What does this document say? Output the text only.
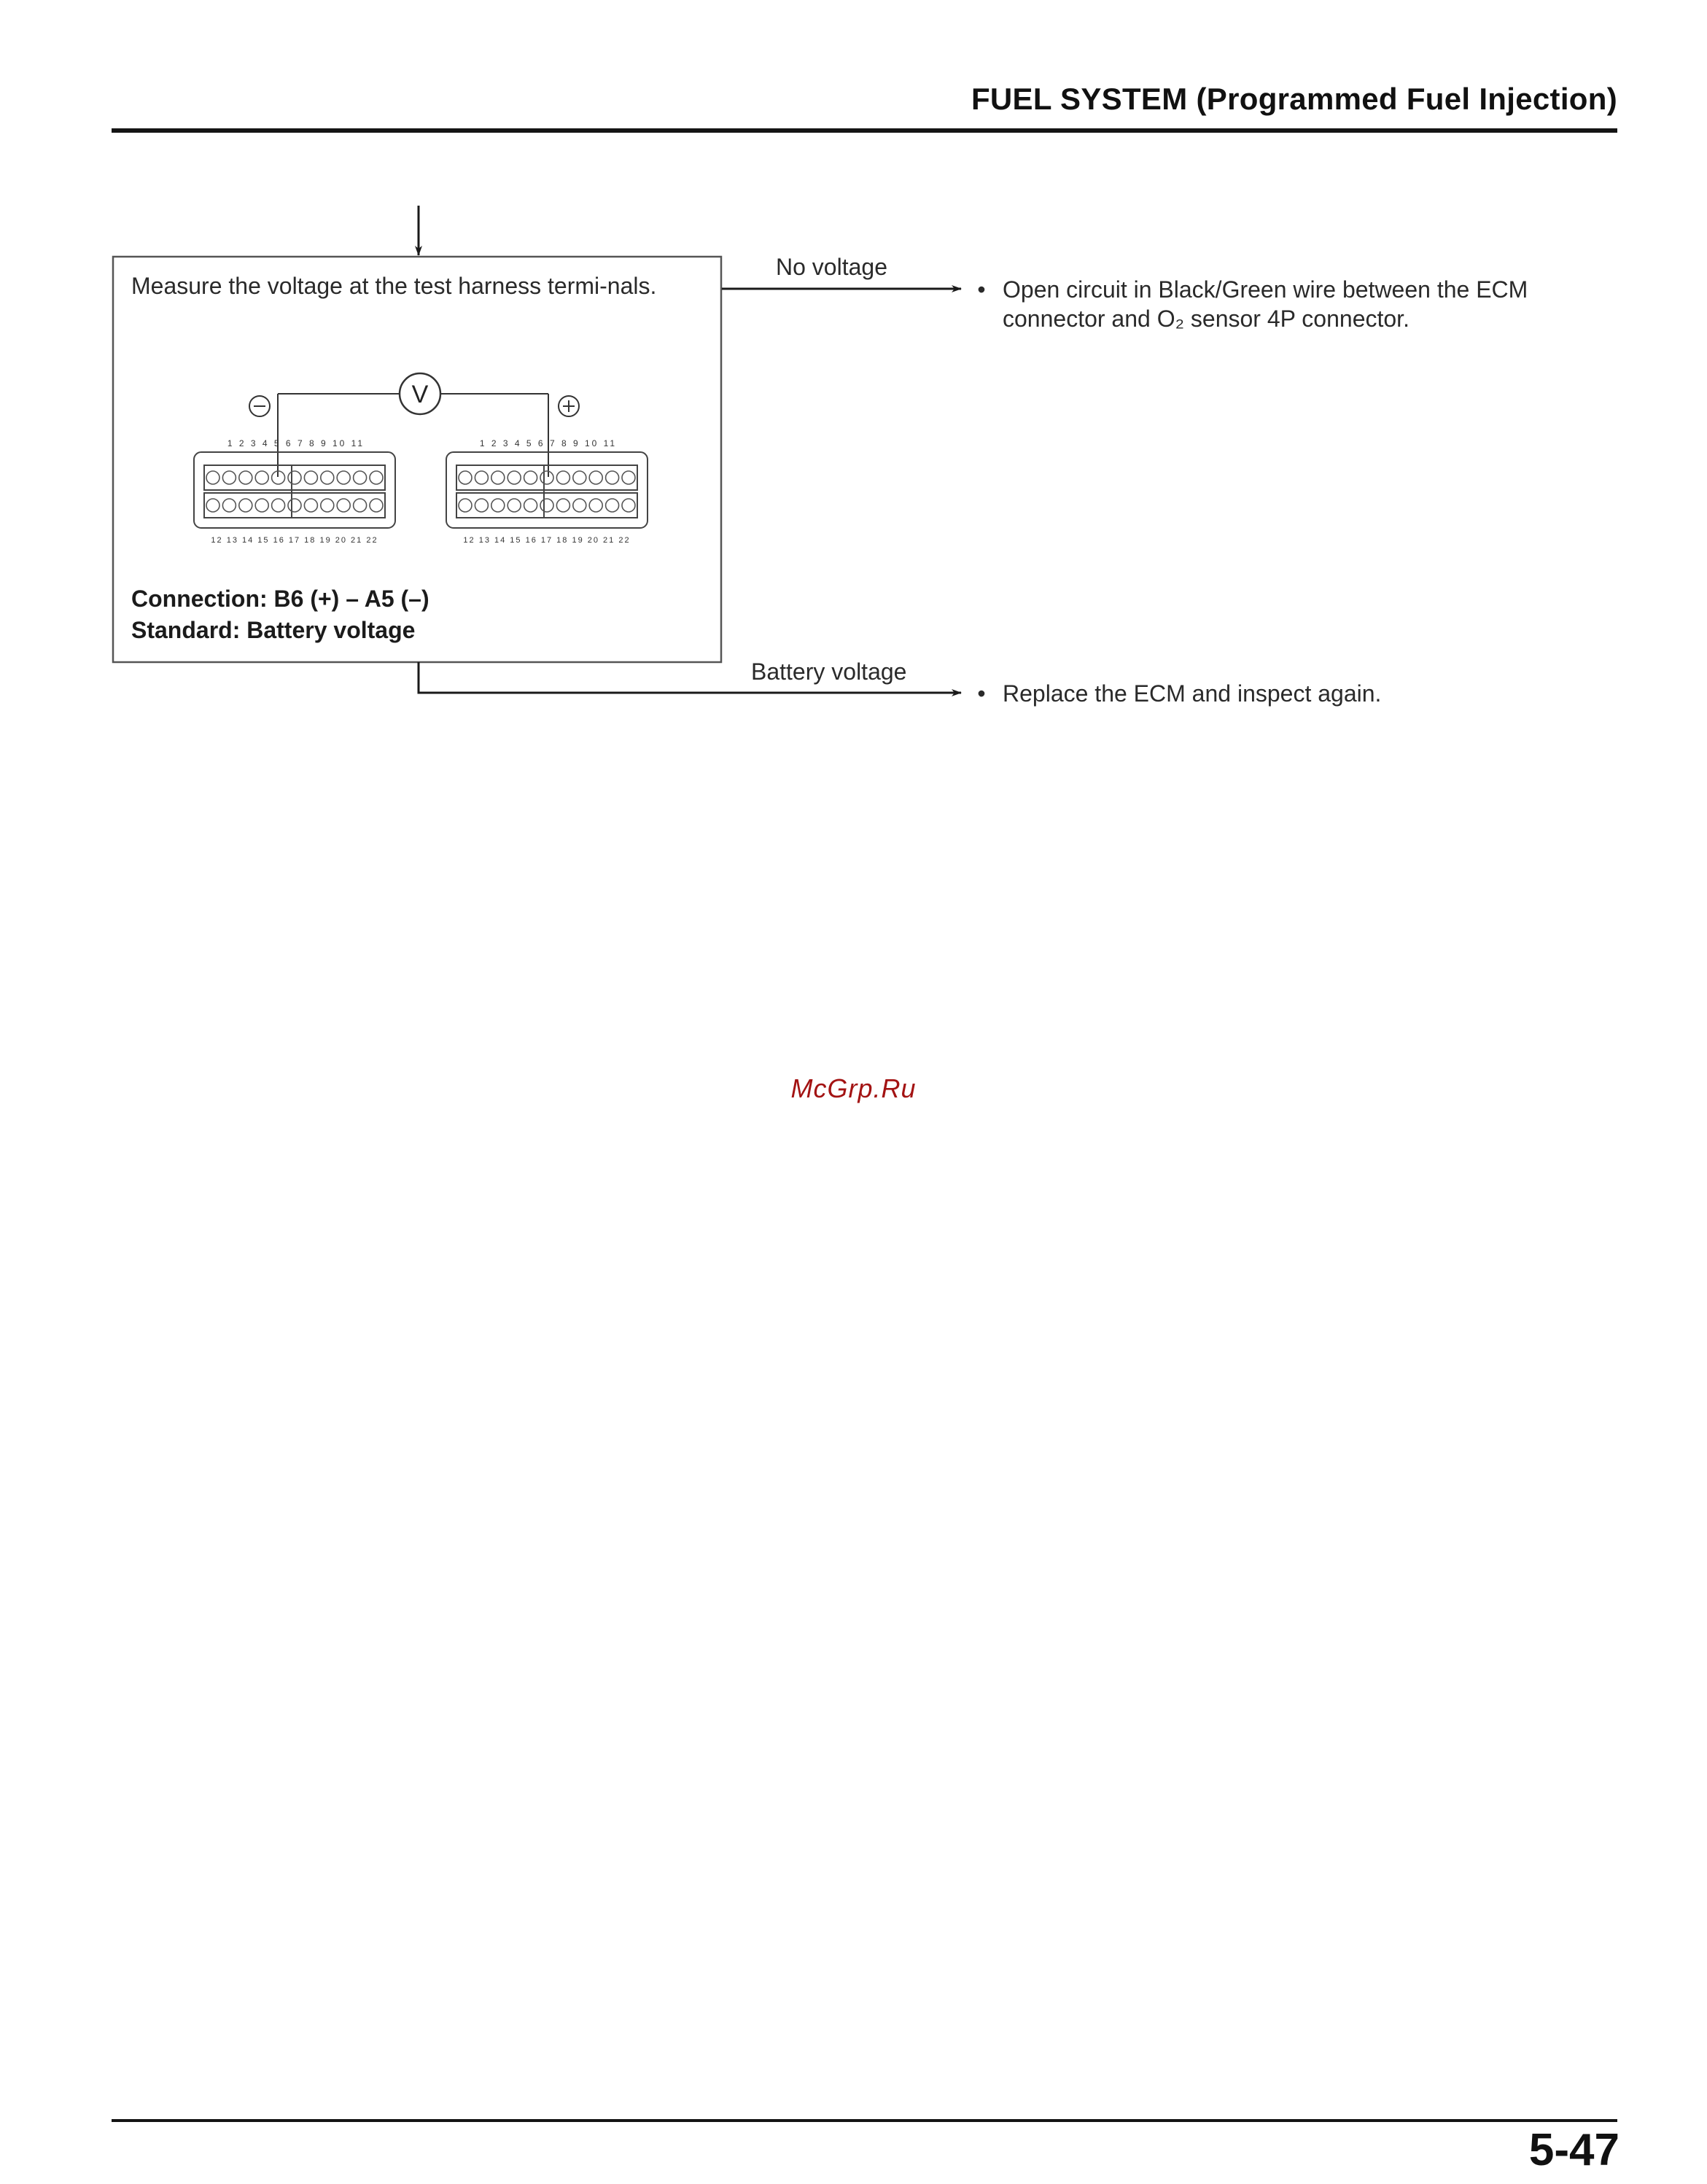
FUEL SYSTEM (Programmed Fuel Injection)
1 2 3 4 5 6 7 8 9 10 11
12 13 14 15 16 17 18 19 20 21 22
1 2 3 4 5 6 7 8 9 10 11
12 13 14 15 16 17 18 19 20 21 22
V
Measure the voltage at the test harness termi-nals.
Connection: B6 (+) – A5 (–)
Standard: Battery voltage
No voltage
Battery voltage
• Open circuit in Black/Green wire between the ECM connector and O₂ sensor 4P connector.
• Replace the ECM and inspect again.
McGrp.Ru
5-47
